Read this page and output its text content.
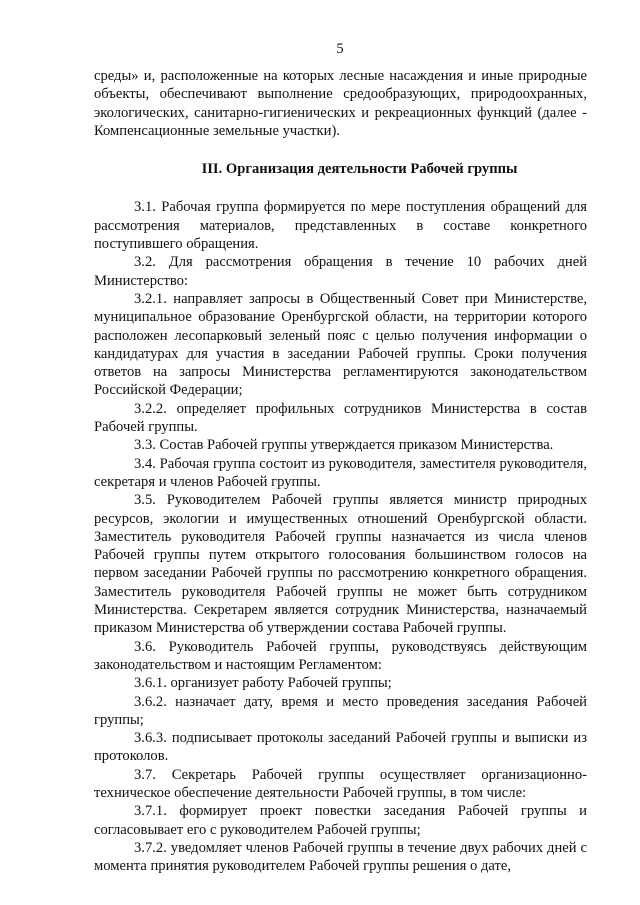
5

среды» и, расположенные на которых лесные насаждения и иные природные объекты, обеспечивают выполнение средообразующих, природоохранных, экологических, санитарно-гигиенических и рекреационных функций (далее - Компенсационные земельные участки).

III. Организация деятельности Рабочей группы

3.1. Рабочая группа формируется по мере поступления обращений для рассмотрения материалов, представленных в составе конкретного поступившего обращения.

3.2. Для рассмотрения обращения в течение 10 рабочих дней Министерство:

3.2.1. направляет запросы в Общественный Совет при Министерстве, муниципальное образование Оренбургской области, на территории которого расположен лесопарковый зеленый пояс с целью получения информации о кандидатурах для участия в заседании Рабочей группы. Сроки получения ответов на запросы Министерства регламентируются законодательством Российской Федерации;

3.2.2. определяет профильных сотрудников Министерства в состав Рабочей группы.

3.3. Состав Рабочей группы утверждается приказом Министерства.

3.4. Рабочая группа состоит из руководителя, заместителя руководителя, секретаря и членов Рабочей группы.

3.5. Руководителем Рабочей группы является министр природных ресурсов, экологии и имущественных отношений Оренбургской области. Заместитель руководителя Рабочей группы назначается из числа членов Рабочей группы путем открытого голосования большинством голосов на первом заседании Рабочей группы по рассмотрению конкретного обращения. Заместитель руководителя Рабочей группы не может быть сотрудником Министерства. Секретарем является сотрудник Министерства, назначаемый приказом Министерства об утверждении состава Рабочей группы.

3.6. Руководитель Рабочей группы, руководствуясь действующим законодательством и настоящим Регламентом:

3.6.1. организует работу Рабочей группы;

3.6.2. назначает дату, время и место проведения заседания Рабочей группы;

3.6.3. подписывает протоколы заседаний Рабочей группы и выписки из протоколов.

3.7. Секретарь Рабочей группы осуществляет организационно-техническое обеспечение деятельности Рабочей группы, в том числе:

3.7.1. формирует проект повестки заседания Рабочей группы и согласовывает его с руководителем Рабочей группы;

3.7.2. уведомляет членов Рабочей группы в течение двух рабочих дней с момента принятия руководителем Рабочей группы решения о дате,
